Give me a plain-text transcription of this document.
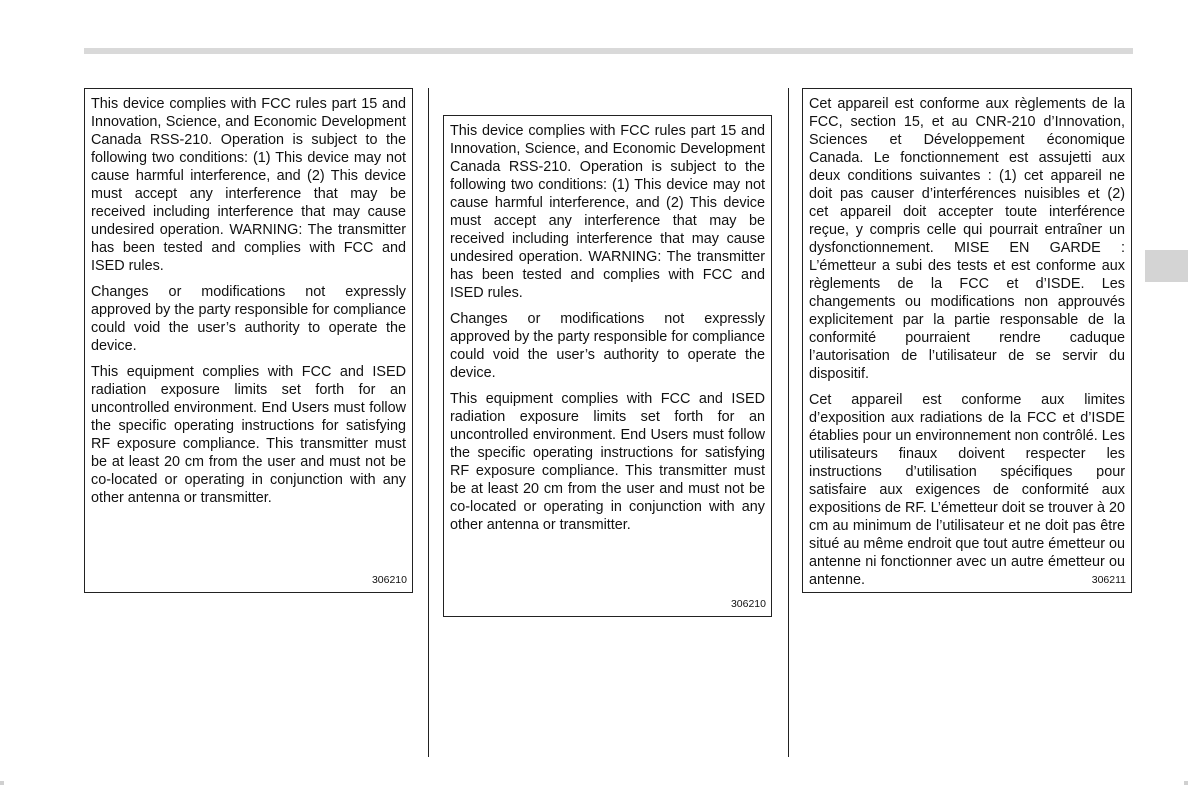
This device complies with FCC rules part 15 and Innovation, Science, and Economic Development Canada RSS-210. Operation is subject to the following two conditions: (1) This device may not cause harmful interference, and (2) This device must accept any interference that may be received including interference that may cause undesired operation. WARNING: The transmitter has been tested and complies with FCC and ISED rules.

Changes or modifications not expressly approved by the party responsible for compliance could void the user’s authority to operate the device.

This equipment complies with FCC and ISED radiation exposure limits set forth for an uncontrolled environment. End Users must follow the specific operating instructions for satisfying RF exposure compliance. This transmitter must be at least 20 cm from the user and must not be co-located or operating in conjunction with any other antenna or transmitter.

306210

This device complies with FCC rules part 15 and Innovation, Science, and Economic Development Canada RSS-210. Operation is subject to the following two conditions: (1) This device may not cause harmful interference, and (2) This device must accept any interference that may be received including interference that may cause undesired operation. WARNING: The transmitter has been tested and complies with FCC and ISED rules.

Changes or modifications not expressly approved by the party responsible for compliance could void the user’s authority to operate the device.

This equipment complies with FCC and ISED radiation exposure limits set forth for an uncontrolled environment. End Users must follow the specific operating instructions for satisfying RF exposure compliance. This transmitter must be at least 20 cm from the user and must not be co-located or operating in conjunction with any other antenna or transmitter.

306210

Cet appareil est conforme aux règlements de la FCC, section 15, et au CNR-210 d’Innovation, Sciences et Développement économique Canada. Le fonctionnement est assujetti aux deux conditions suivantes : (1) cet appareil ne doit pas causer d’interférences nuisibles et (2) cet appareil doit accepter toute interférence reçue, y compris celle qui pourrait entraîner un dysfonctionnement. MISE EN GARDE : L’émetteur a subi des tests et est conforme aux règlements de la FCC et d’ISDE. Les changements ou modifications non approuvés explicitement par la partie responsable de la conformité pourraient rendre caduque l’autorisation de l’utilisateur de se servir du dispositif.

Cet appareil est conforme aux limites d’exposition aux radiations de la FCC et d’ISDE établies pour un environnement non contrôlé. Les utilisateurs finaux doivent respecter les instructions d’utilisation spécifiques pour satisfaire aux exigences de conformité aux expositions de RF. L’émetteur doit se trouver à 20 cm au minimum de l’utilisateur et ne doit pas être situé au même endroit que tout autre émetteur ou antenne ni fonctionner avec un autre émetteur ou antenne.	306211
